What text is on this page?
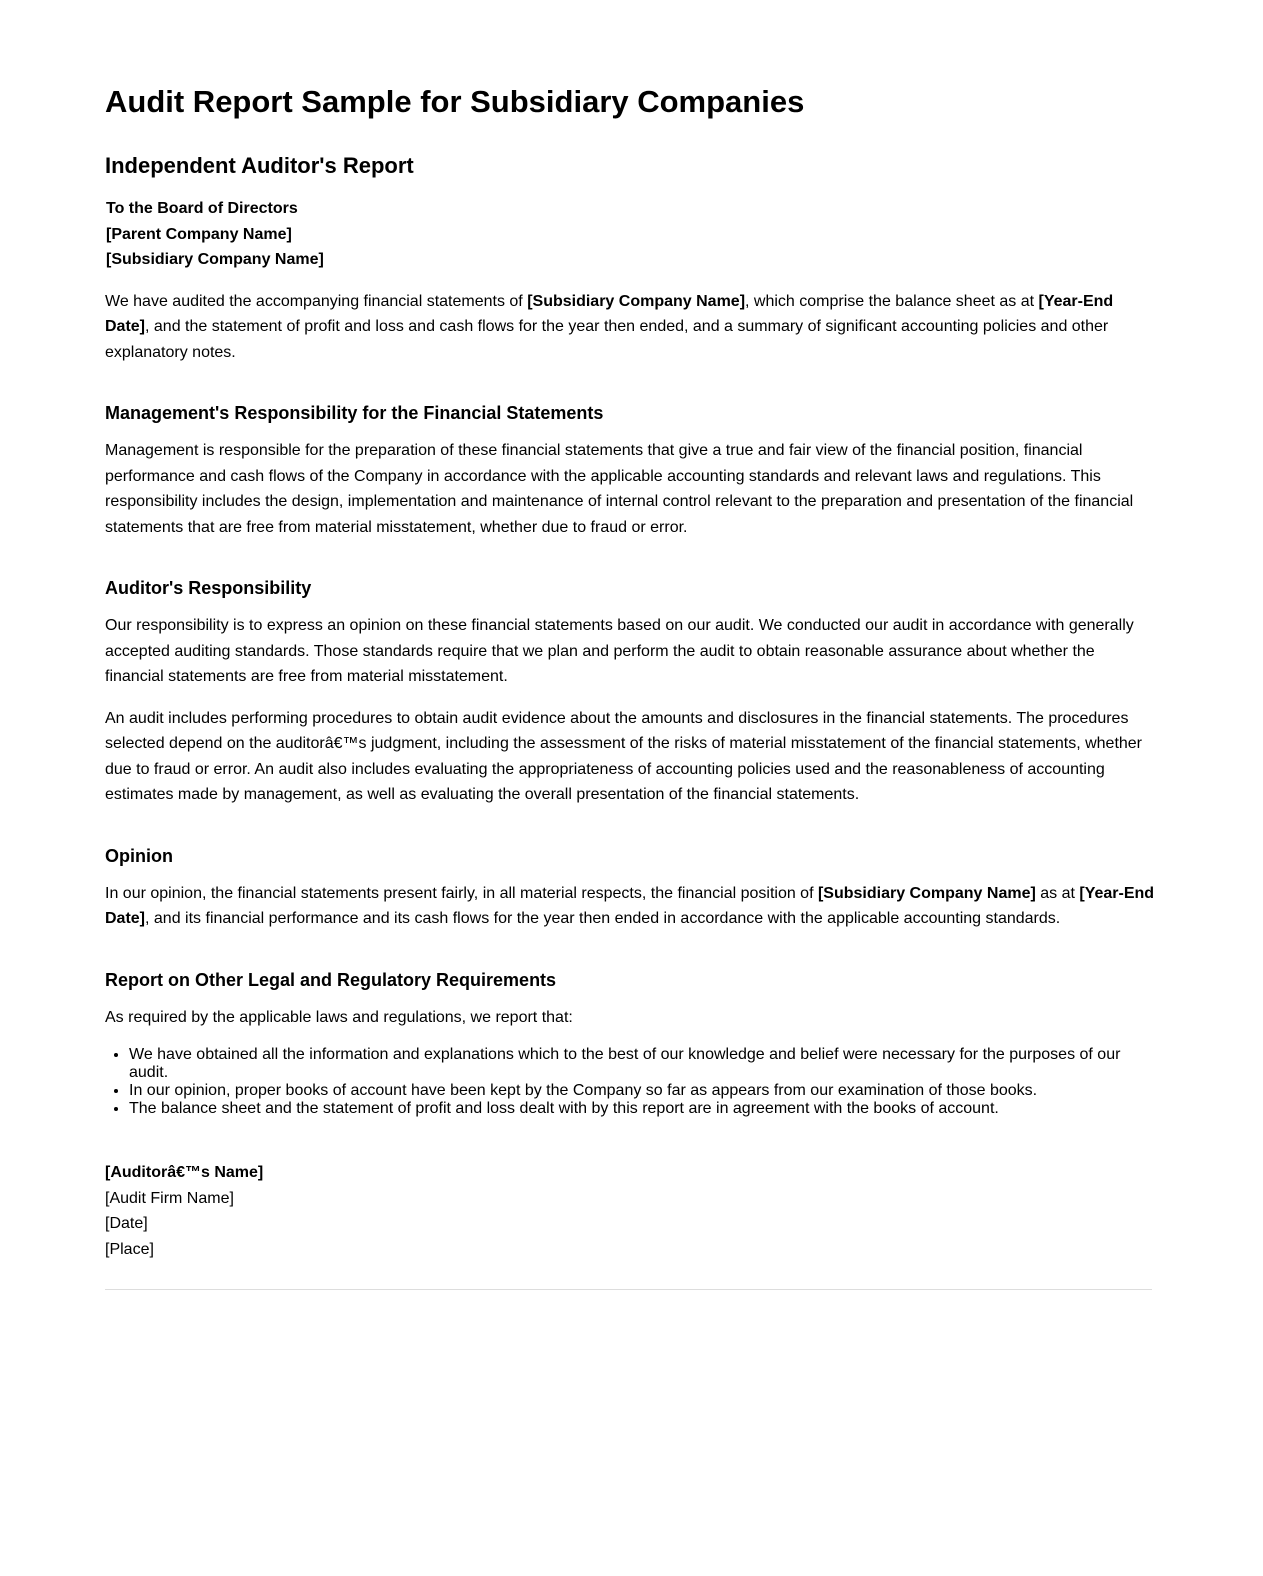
Audit Report Sample for Subsidiary Companies
Independent Auditor's Report
To the Board of Directors
[Parent Company Name]
[Subsidiary Company Name]

We have audited the accompanying financial statements of [Subsidiary Company Name], which comprise the balance sheet as at [Year-End Date], and the statement of profit and loss and cash flows for the year then ended, and a summary of significant accounting policies and other explanatory notes.

Management's Responsibility for the Financial Statements

Management is responsible for the preparation of these financial statements that give a true and fair view of the financial position, financial performance and cash flows of the Company in accordance with the applicable accounting standards and relevant laws and regulations. This responsibility includes the design, implementation and maintenance of internal control relevant to the preparation and presentation of the financial statements that are free from material misstatement, whether due to fraud or error.

Auditor's Responsibility

Our responsibility is to express an opinion on these financial statements based on our audit. We conducted our audit in accordance with generally accepted auditing standards. Those standards require that we plan and perform the audit to obtain reasonable assurance about whether the financial statements are free from material misstatement.

An audit includes performing procedures to obtain audit evidence about the amounts and disclosures in the financial statements. The procedures selected depend on the auditorâ€™s judgment, including the assessment of the risks of material misstatement of the financial statements, whether due to fraud or error. An audit also includes evaluating the appropriateness of accounting policies used and the reasonableness of accounting estimates made by management, as well as evaluating the overall presentation of the financial statements.

Opinion

In our opinion, the financial statements present fairly, in all material respects, the financial position of [Subsidiary Company Name] as at [Year-End Date], and its financial performance and its cash flows for the year then ended in accordance with the applicable accounting standards.

Report on Other Legal and Regulatory Requirements

As required by the applicable laws and regulations, we report that:

• We have obtained all the information and explanations which to the best of our knowledge and belief were necessary for the purposes of our audit.
• In our opinion, proper books of account have been kept by the Company so far as appears from our examination of those books.
• The balance sheet and the statement of profit and loss dealt with by this report are in agreement with the books of account.
[Auditorâ€™s Name]
[Audit Firm Name]
[Date]
[Place]
